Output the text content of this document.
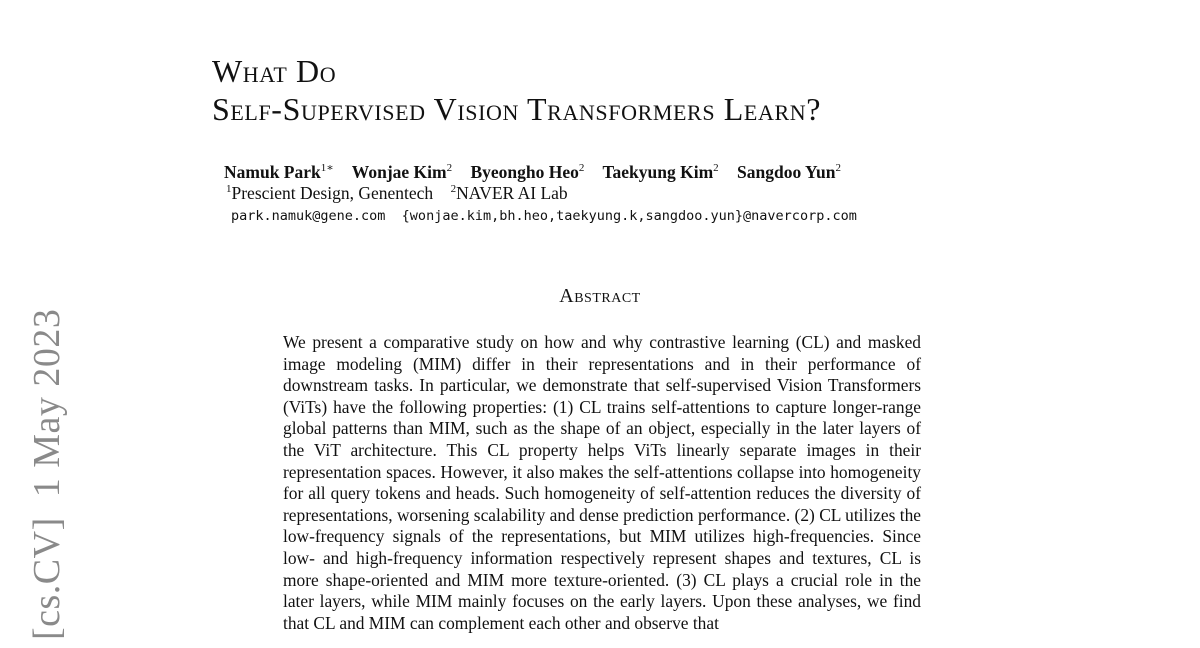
[cs.CV]  1 May 2023
What Do
Self-Supervised Vision Transformers Learn?
Namuk Park$^{1∗}$ Wonjae Kim$^2$ Byeongho Heo$^2$ Taekyung Kim$^2$ Sangdoo Yun$^2$
$^1$Prescient Design, Genentech $^2$NAVER AI Lab
park.namuk@gene.com  {wonjae.kim,bh.heo,taekyung.k,sangdoo.yun}@navercorp.com
Abstract
We present a comparative study on how and why contrastive learning (CL) and masked image modeling (MIM) differ in their representations and in their performance of downstream tasks. In particular, we demonstrate that self-supervised Vision Transformers (ViTs) have the following properties: (1) CL trains self-attentions to capture longer-range global patterns than MIM, such as the shape of an object, especially in the later layers of the ViT architecture. This CL property helps ViTs linearly separate images in their representation spaces. However, it also makes the self-attentions collapse into homogeneity for all query tokens and heads. Such homogeneity of self-attention reduces the diversity of representations, worsening scalability and dense prediction performance. (2) CL utilizes the low-frequency signals of the representations, but MIM utilizes high-frequencies. Since low- and high-frequency information respectively represent shapes and textures, CL is more shape-oriented and MIM more texture-oriented. (3) CL plays a crucial role in the later layers, while MIM mainly focuses on the early layers. Upon these analyses, we find that CL and MIM can complement each other and observe that
